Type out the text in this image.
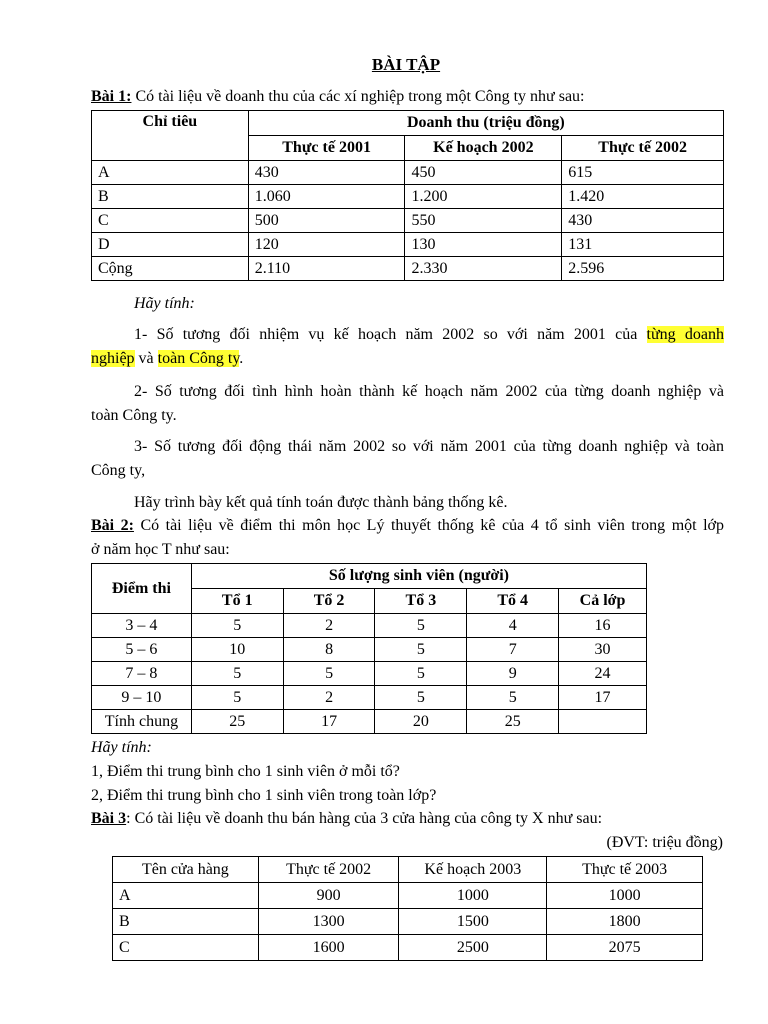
BÀI TẬP
Bài 1: Có tài liệu về doanh thu của các xí nghiệp trong một Công ty như sau:
Chỉ tiêu	Doanh thu (triệu đồng)		
	Thực tế 2001	Kế hoạch 2002	Thực tế 2002
A	430	450	615
B	1.060	1.200	1.420
C	500	550	430
D	120	130	131
Cộng	2.110	2.330	2.596
Hãy tính:
1- Số tương đối nhiệm vụ kế hoạch năm 2002 so với năm 2001 của từng doanh
nghiệp và toàn Công ty.
2- Số tương đối tình hình hoàn thành kế hoạch năm 2002 của từng doanh nghiệp và
toàn Công ty.
3- Số tương đối động thái năm 2002 so với năm 2001 của từng doanh nghiệp và toàn
Công ty,
Hãy trình bày kết quả tính toán được thành bảng thống kê.
Bài 2: Có tài liệu về điểm thi môn học Lý thuyết thống kê của 4 tổ sinh viên trong một lớp
ở năm học T như sau:
Điểm thi	Số lượng sinh viên (người)				
	Tổ 1	Tổ 2	Tổ 3	Tổ 4	Cả lớp
3 – 4	5	2	5	4	16
5 – 6	10	8	5	7	30
7 – 8	5	5	5	9	24
9 – 10	5	2	5	5	17
Tính chung	25	17	20	25	
Hãy tính:
1, Điểm thi trung bình cho 1 sinh viên ở mỗi tổ?
2, Điểm thi trung bình cho 1 sinh viên trong toàn lớp?
Bài 3: Có tài liệu về doanh thu bán hàng của 3 cửa hàng của công ty X như sau:
(ĐVT: triệu đồng)
Tên cửa hàng	Thực tế 2002	Kế hoạch 2003	Thực tế 2003
A	900	1000	1000
B	1300	1500	1800
C	1600	2500	2075
